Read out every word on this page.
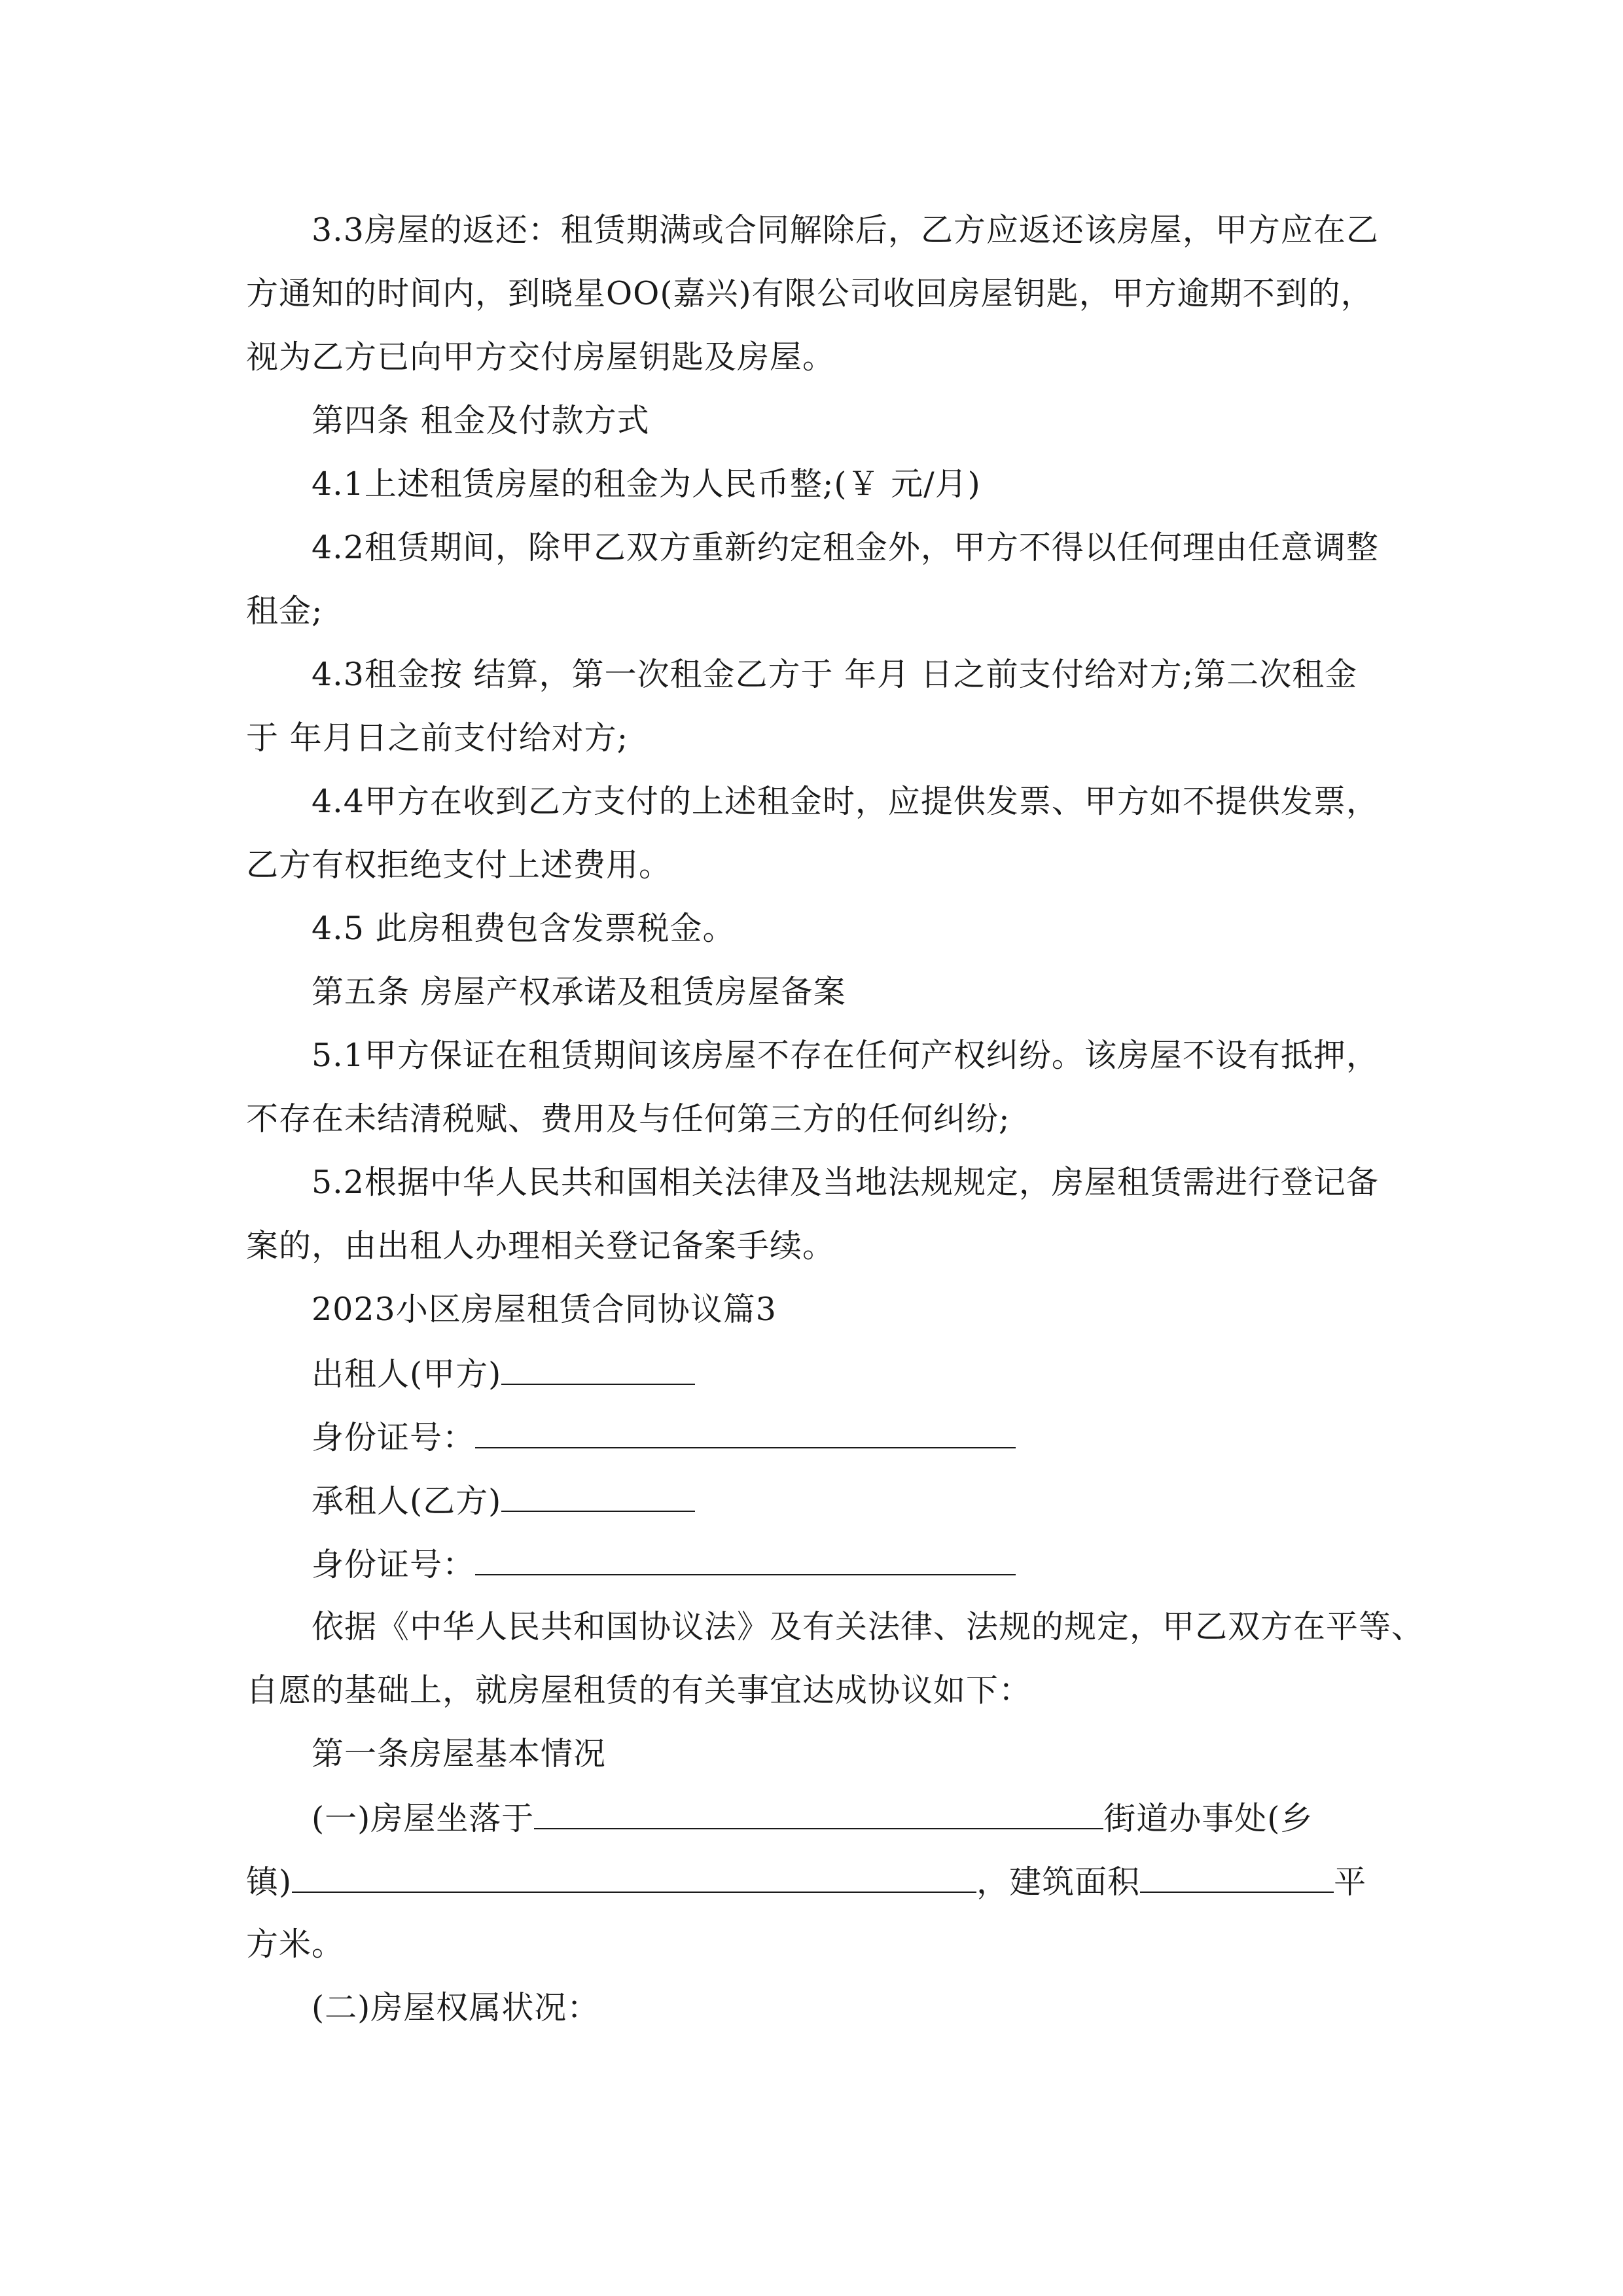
3.3房屋的返还：租赁期满或合同解除后，乙方应返还该房屋，甲方应在乙
方通知的时间内，到晓星OO(嘉兴)有限公司收回房屋钥匙，甲方逾期不到的，
视为乙方已向甲方交付房屋钥匙及房屋。
第四条 租金及付款方式
4.1上述租赁房屋的租金为人民币整;(￥ 元/月)
4.2租赁期间，除甲乙双方重新约定租金外，甲方不得以任何理由任意调整
租金;
4.3租金按 结算，第一次租金乙方于 年月 日之前支付给对方;第二次租金
于 年月日之前支付给对方;
4.4甲方在收到乙方支付的上述租金时，应提供发票、甲方如不提供发票，
乙方有权拒绝支付上述费用。
4.5 此房租费包含发票税金。
第五条 房屋产权承诺及租赁房屋备案
5.1甲方保证在租赁期间该房屋不存在任何产权纠纷。该房屋不设有抵押，
不存在未结清税赋、费用及与任何第三方的任何纠纷;
5.2根据中华人民共和国相关法律及当地法规规定，房屋租赁需进行登记备
案的，由出租人办理相关登记备案手续。
2023小区房屋租赁合同协议篇3
出租人(甲方)
身份证号：
承租人(乙方)
身份证号：
依据《中华人民共和国协议法》及有关法律、法规的规定，甲乙双方在平等、
自愿的基础上，就房屋租赁的有关事宜达成协议如下：
第一条房屋基本情况
(一)房屋坐落于	街道办事处(乡
镇)	，建筑面积	平
方米。
(二)房屋权属状况：
